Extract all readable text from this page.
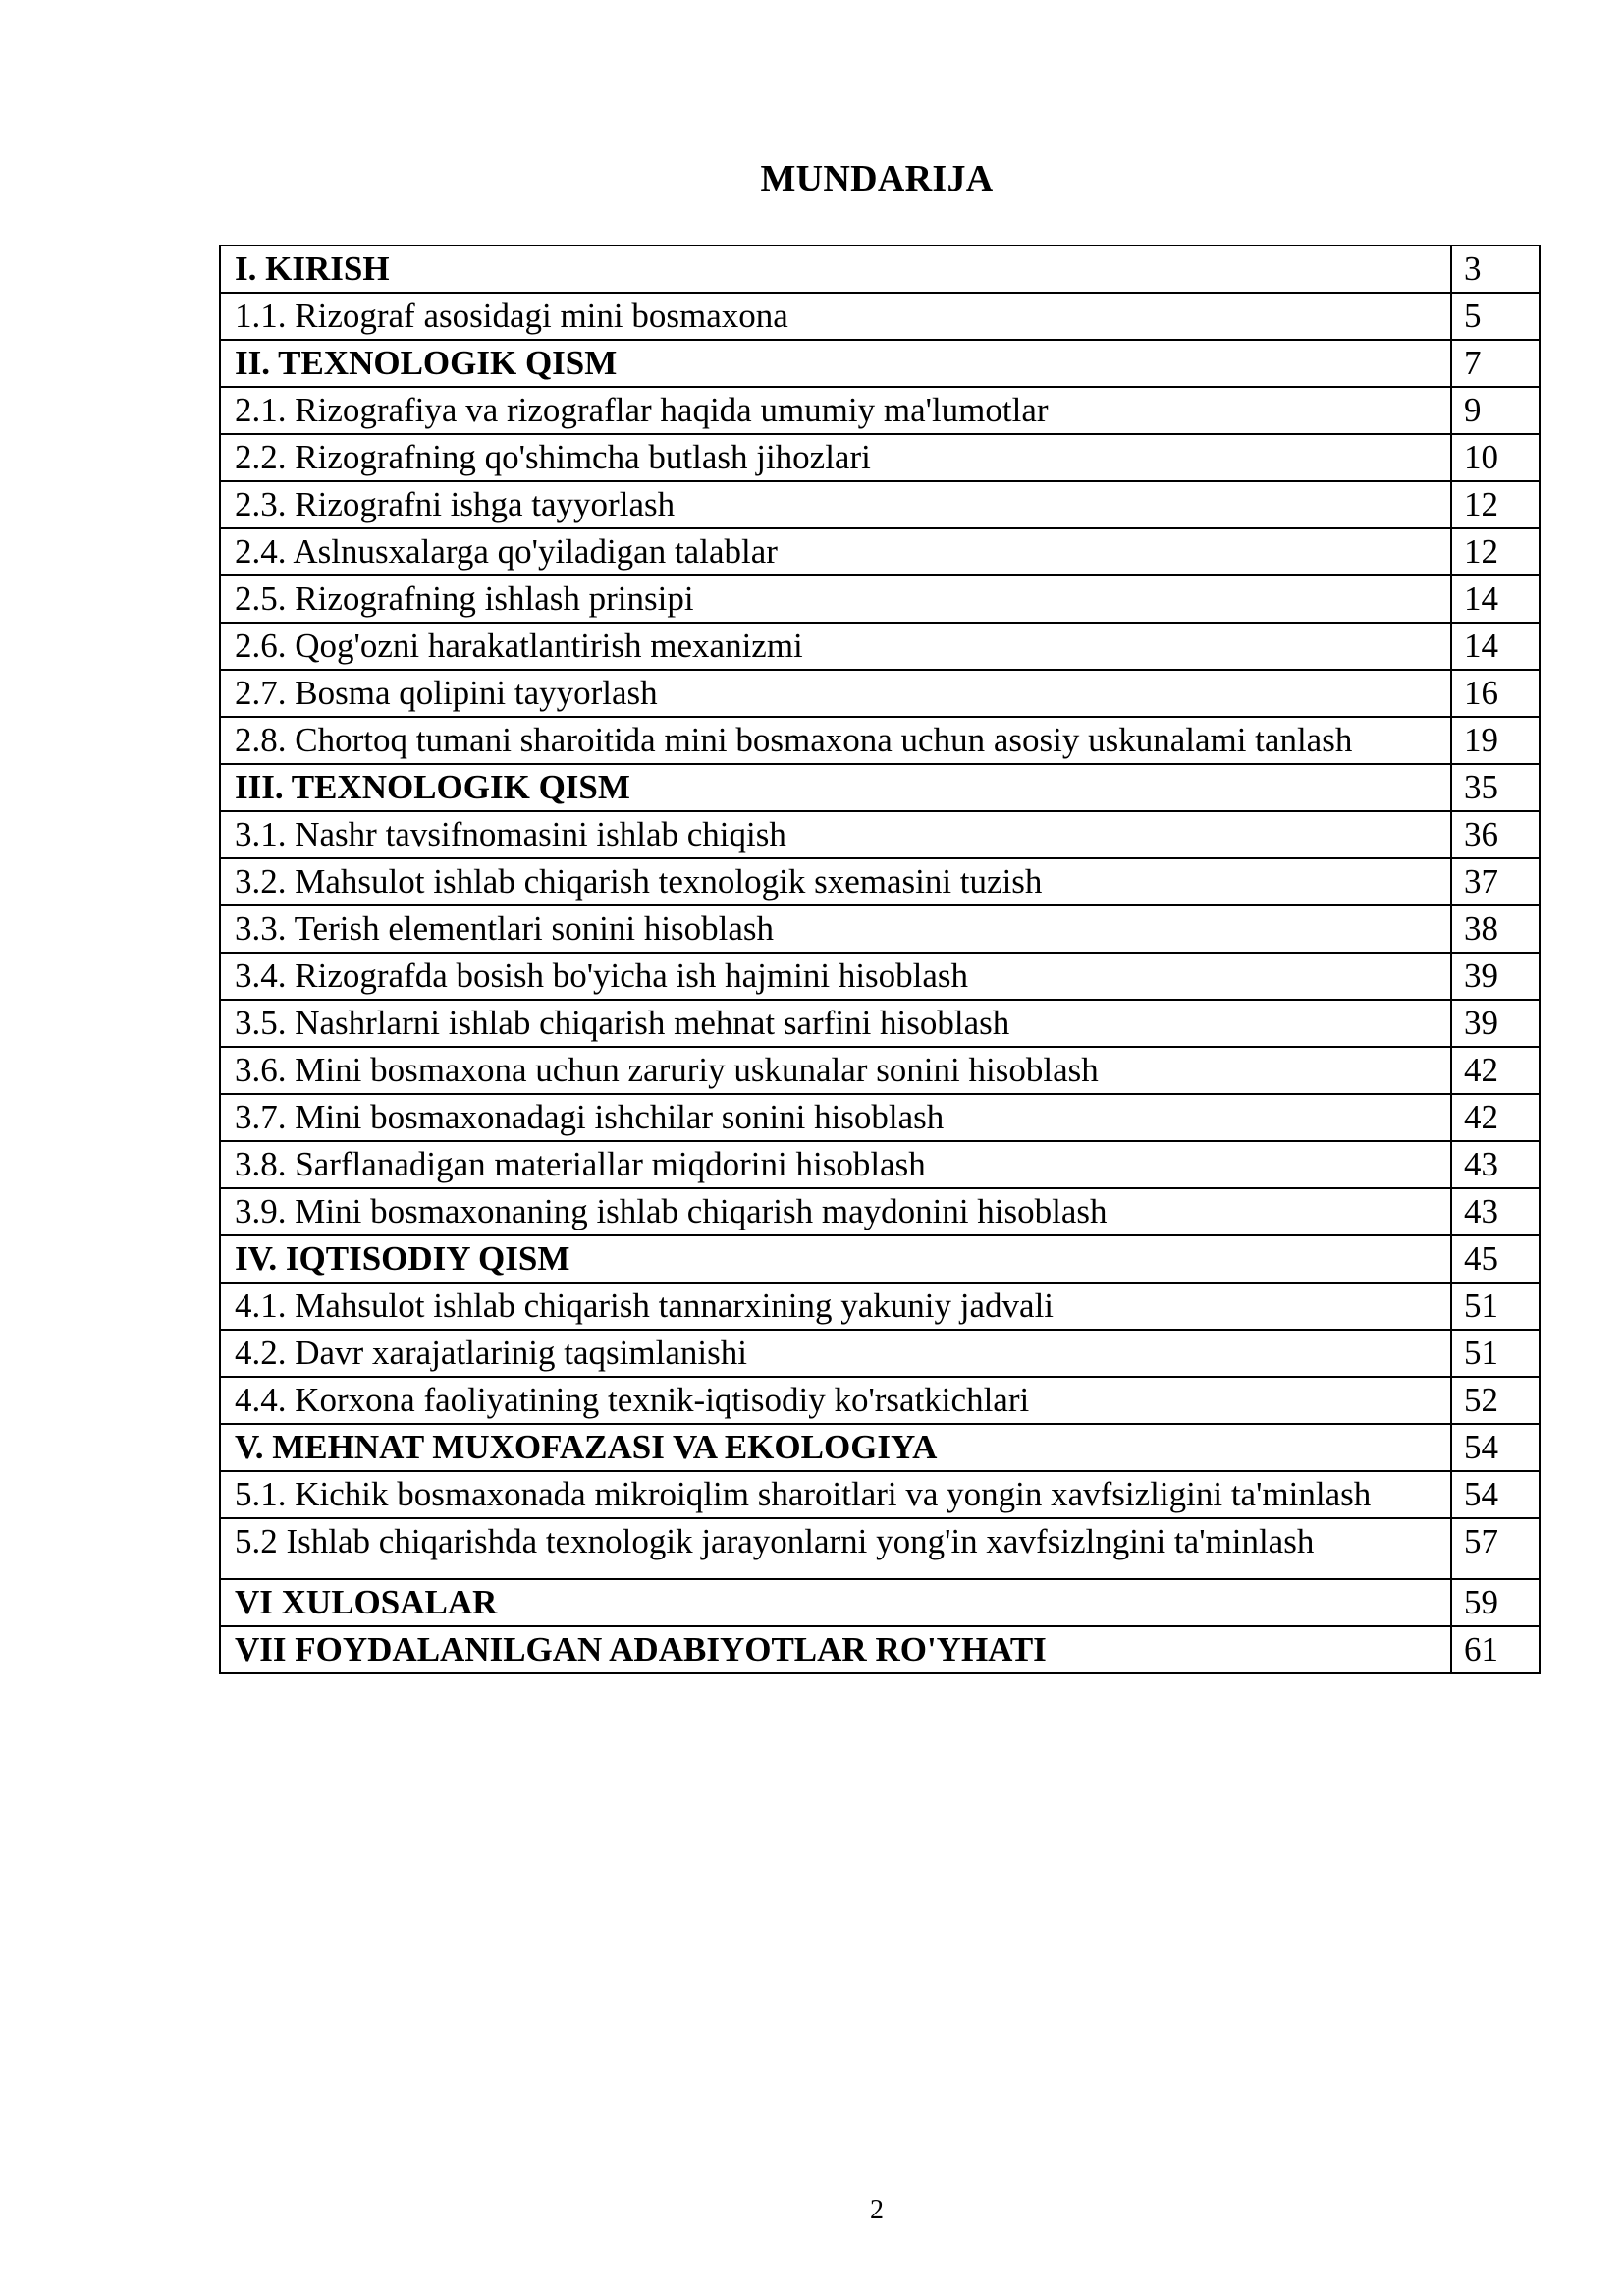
MUNDARIJA
I. KIRISH	3
1.1. Rizograf asosidagi mini bosmaxona	5
II. TEXNOLOGIK QISM	7
2.1. Rizografiya va rizograflar haqida umumiy ma'lumotlar	9
2.2. Rizografning qo'shimcha butlash jihozlari	10
2.3. Rizografni ishga tayyorlash	12
2.4. Aslnusxalarga qo'yiladigan talablar	12
2.5. Rizografning ishlash prinsipi	14
2.6. Qog'ozni harakatlantirish mexanizmi	14
2.7. Bosma qolipini tayyorlash	16
2.8. Chortoq tumani sharoitida mini bosmaxona uchun asosiy uskunalami tanlash	19
III. TEXNOLOGIK QISM	35
3.1. Nashr tavsifnomasini ishlab chiqish	36
3.2. Mahsulot ishlab chiqarish texnologik sxemasini tuzish	37
3.3. Terish elementlari sonini hisoblash	38
3.4. Rizografda bosish bo'yicha ish hajmini hisoblash	39
3.5. Nashrlarni ishlab chiqarish mehnat sarfini hisoblash	39
3.6. Mini bosmaxona uchun zaruriy uskunalar sonini hisoblash	42
3.7. Mini bosmaxonadagi ishchilar sonini hisoblash	42
3.8. Sarflanadigan materiallar miqdorini hisoblash	43
3.9. Mini bosmaxonaning ishlab chiqarish maydonini hisoblash	43
IV. IQTISODIY QISM	45
4.1. Mahsulot ishlab chiqarish tannarxining yakuniy jadvali	51
4.2. Davr xarajatlarinig taqsimlanishi	51
4.4. Korxona faoliyatining texnik-iqtisodiy ko'rsatkichlari	52
V. MEHNAT MUXOFAZASI VA EKOLOGIYA	54
5.1. Kichik bosmaxonada mikroiqlim sharoitlari va yongin xavfsizligini ta'minlash	54
5.2 Ishlab chiqarishda texnologik jarayonlarni yong'in xavfsizlngini ta'minlash	57
VI XULOSALAR	59
VII FOYDALANILGAN ADABIYOTLAR RO'YHATI	61
2
